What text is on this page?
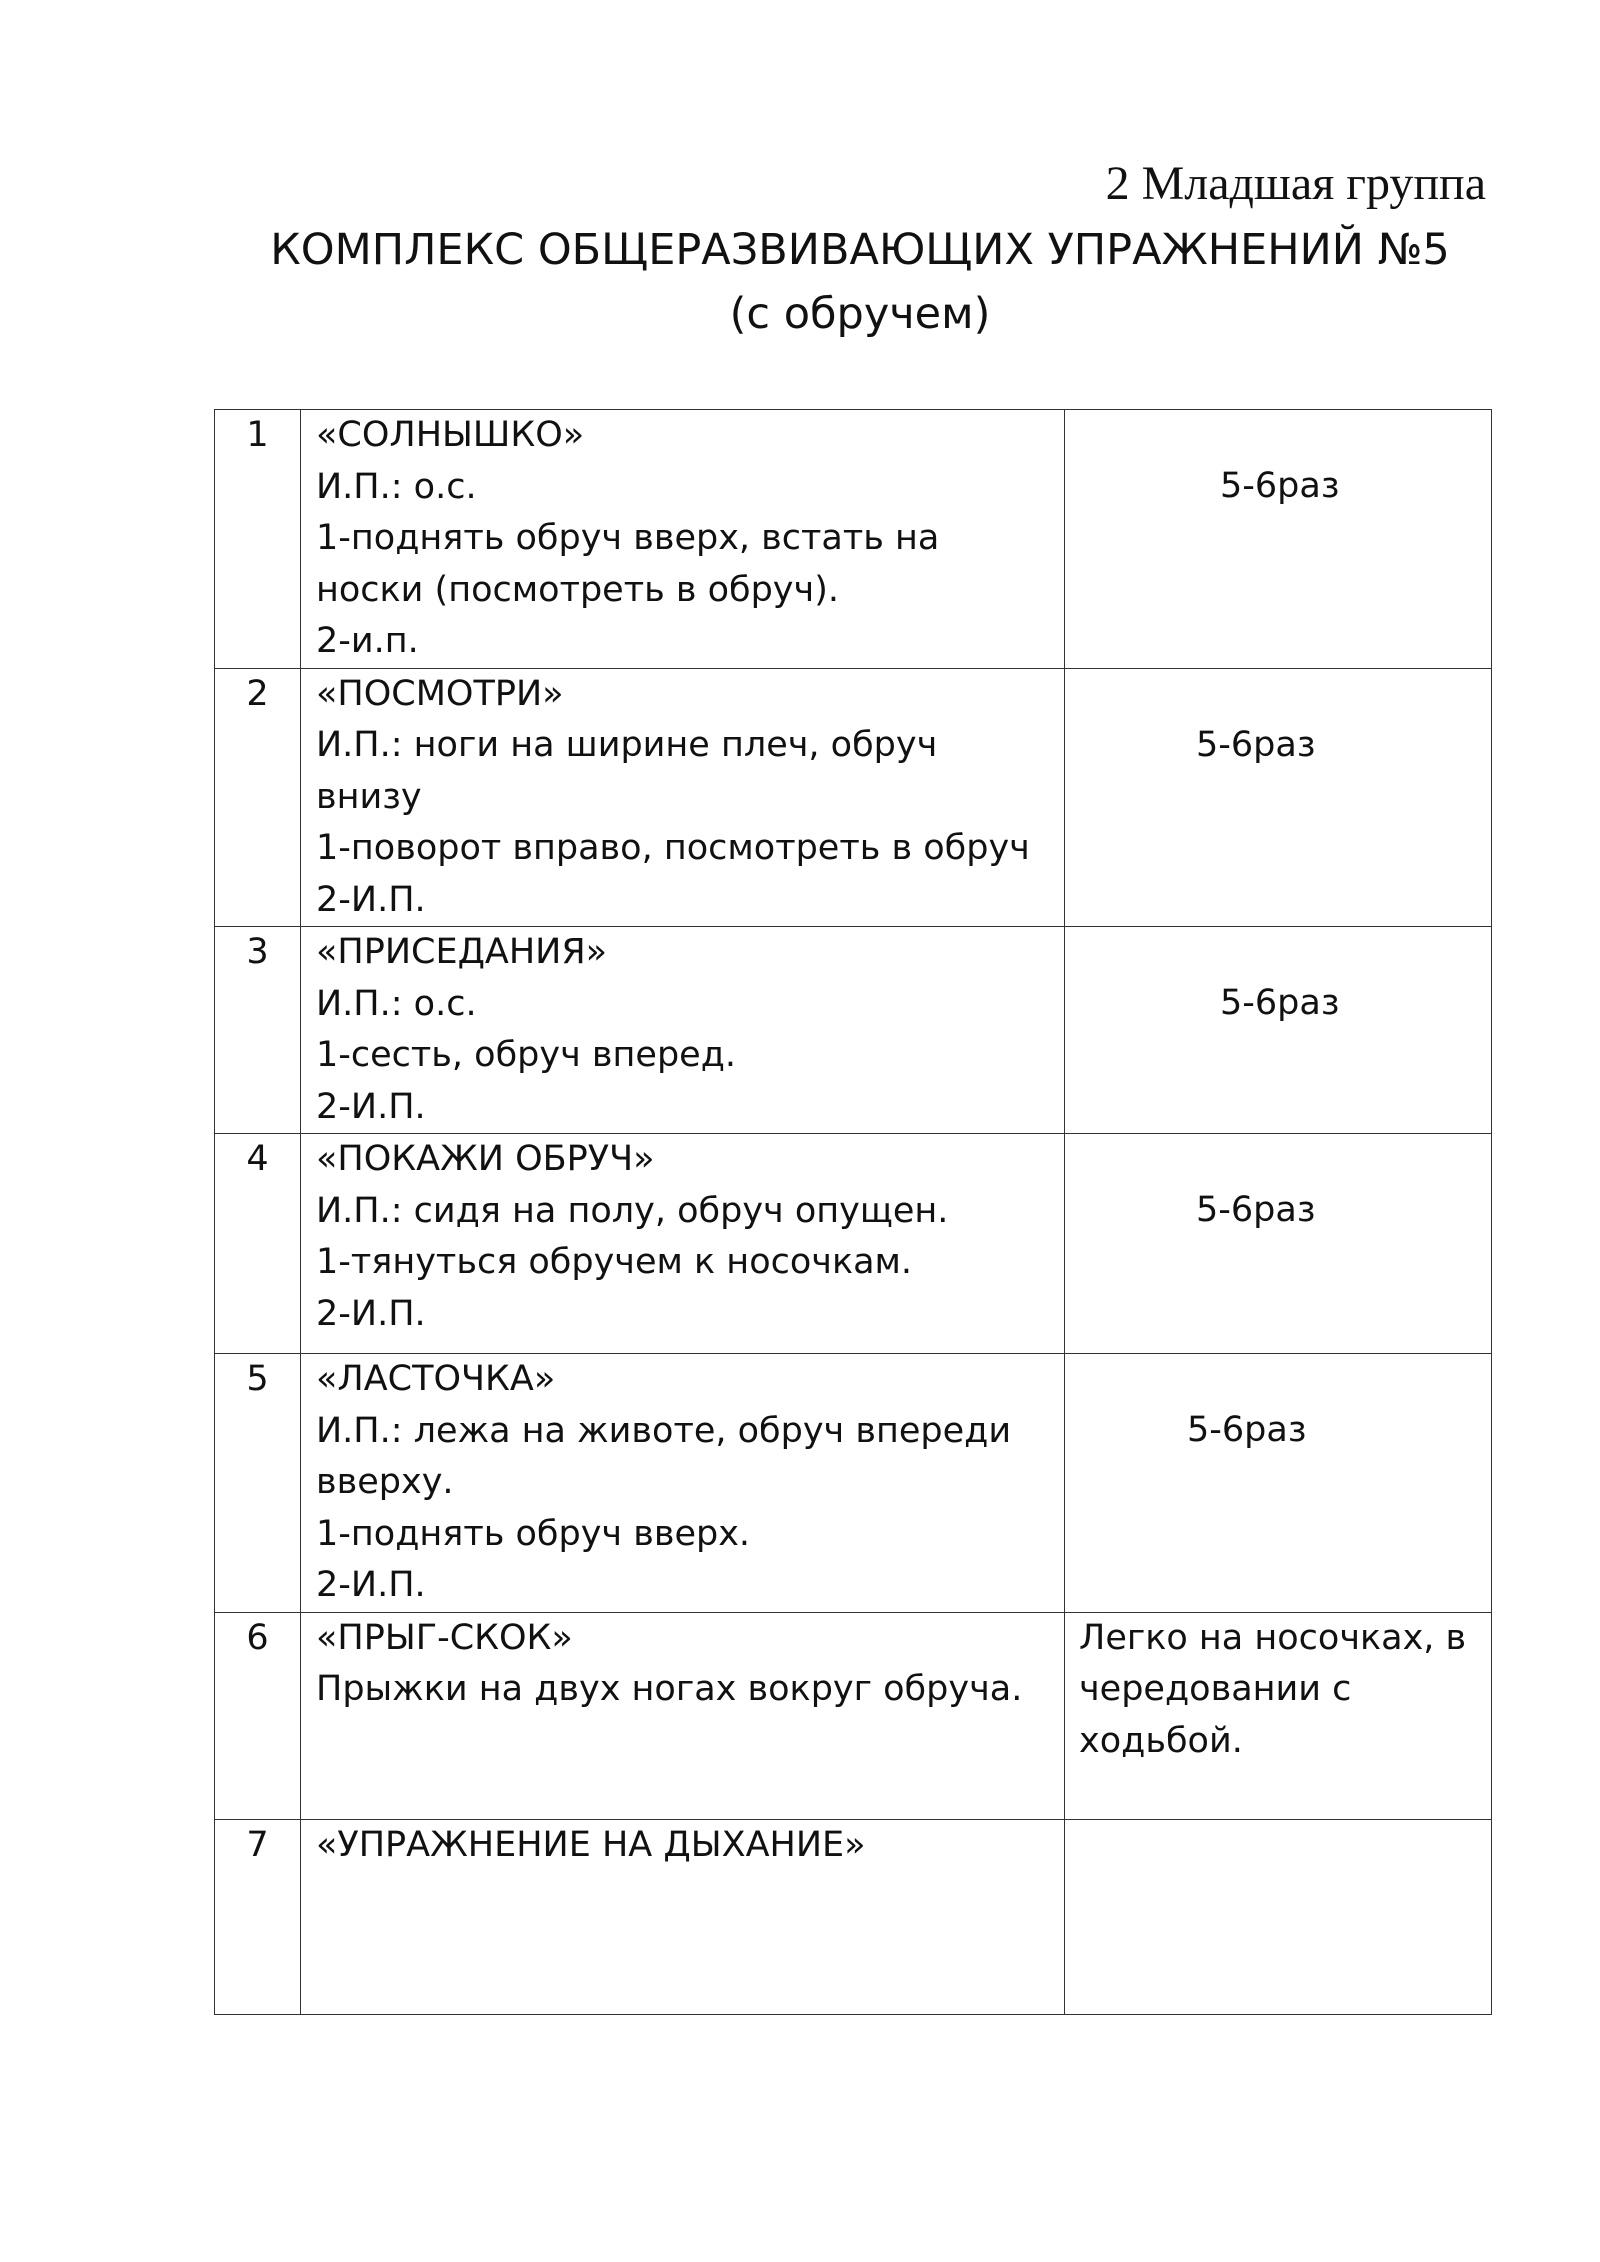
2 Младшая группа
КОМПЛЕКС ОБЩЕРАЗВИВАЮЩИХ УПРАЖНЕНИЙ №5
(с обручем)
1	«СОЛНЫШКО»
И.П.: о.с.
1-поднять обруч вверх, встать на
носки (посмотреть в обруч).
2-и.п.	5-6раз

2	«ПОСМОТРИ»
И.П.: ноги на ширине плеч, обруч
внизу
1-поворот вправо, посмотреть в обруч
2-И.П.	5-6раз

3	«ПРИСЕДАНИЯ»
И.П.: о.с.
1-сесть, обруч вперед.
2-И.П.	5-6раз

4	«ПОКАЖИ ОБРУЧ»
И.П.: сидя на полу, обруч опущен.
1-тянуться обручем к носочкам.
2-И.П.	5-6раз

5	«ЛАСТОЧКА»
И.П.: лежа на животе, обруч впереди
вверху.
1-поднять обруч вверх.
2-И.П.	5-6раз

6	«ПРЫГ-СКОК»
Прыжки на двух ногах вокруг обруча.	Легко на носочках, в
чередовании с
ходьбой.

7	«УПРАЖНЕНИЕ НА ДЫХАНИЕ»	
